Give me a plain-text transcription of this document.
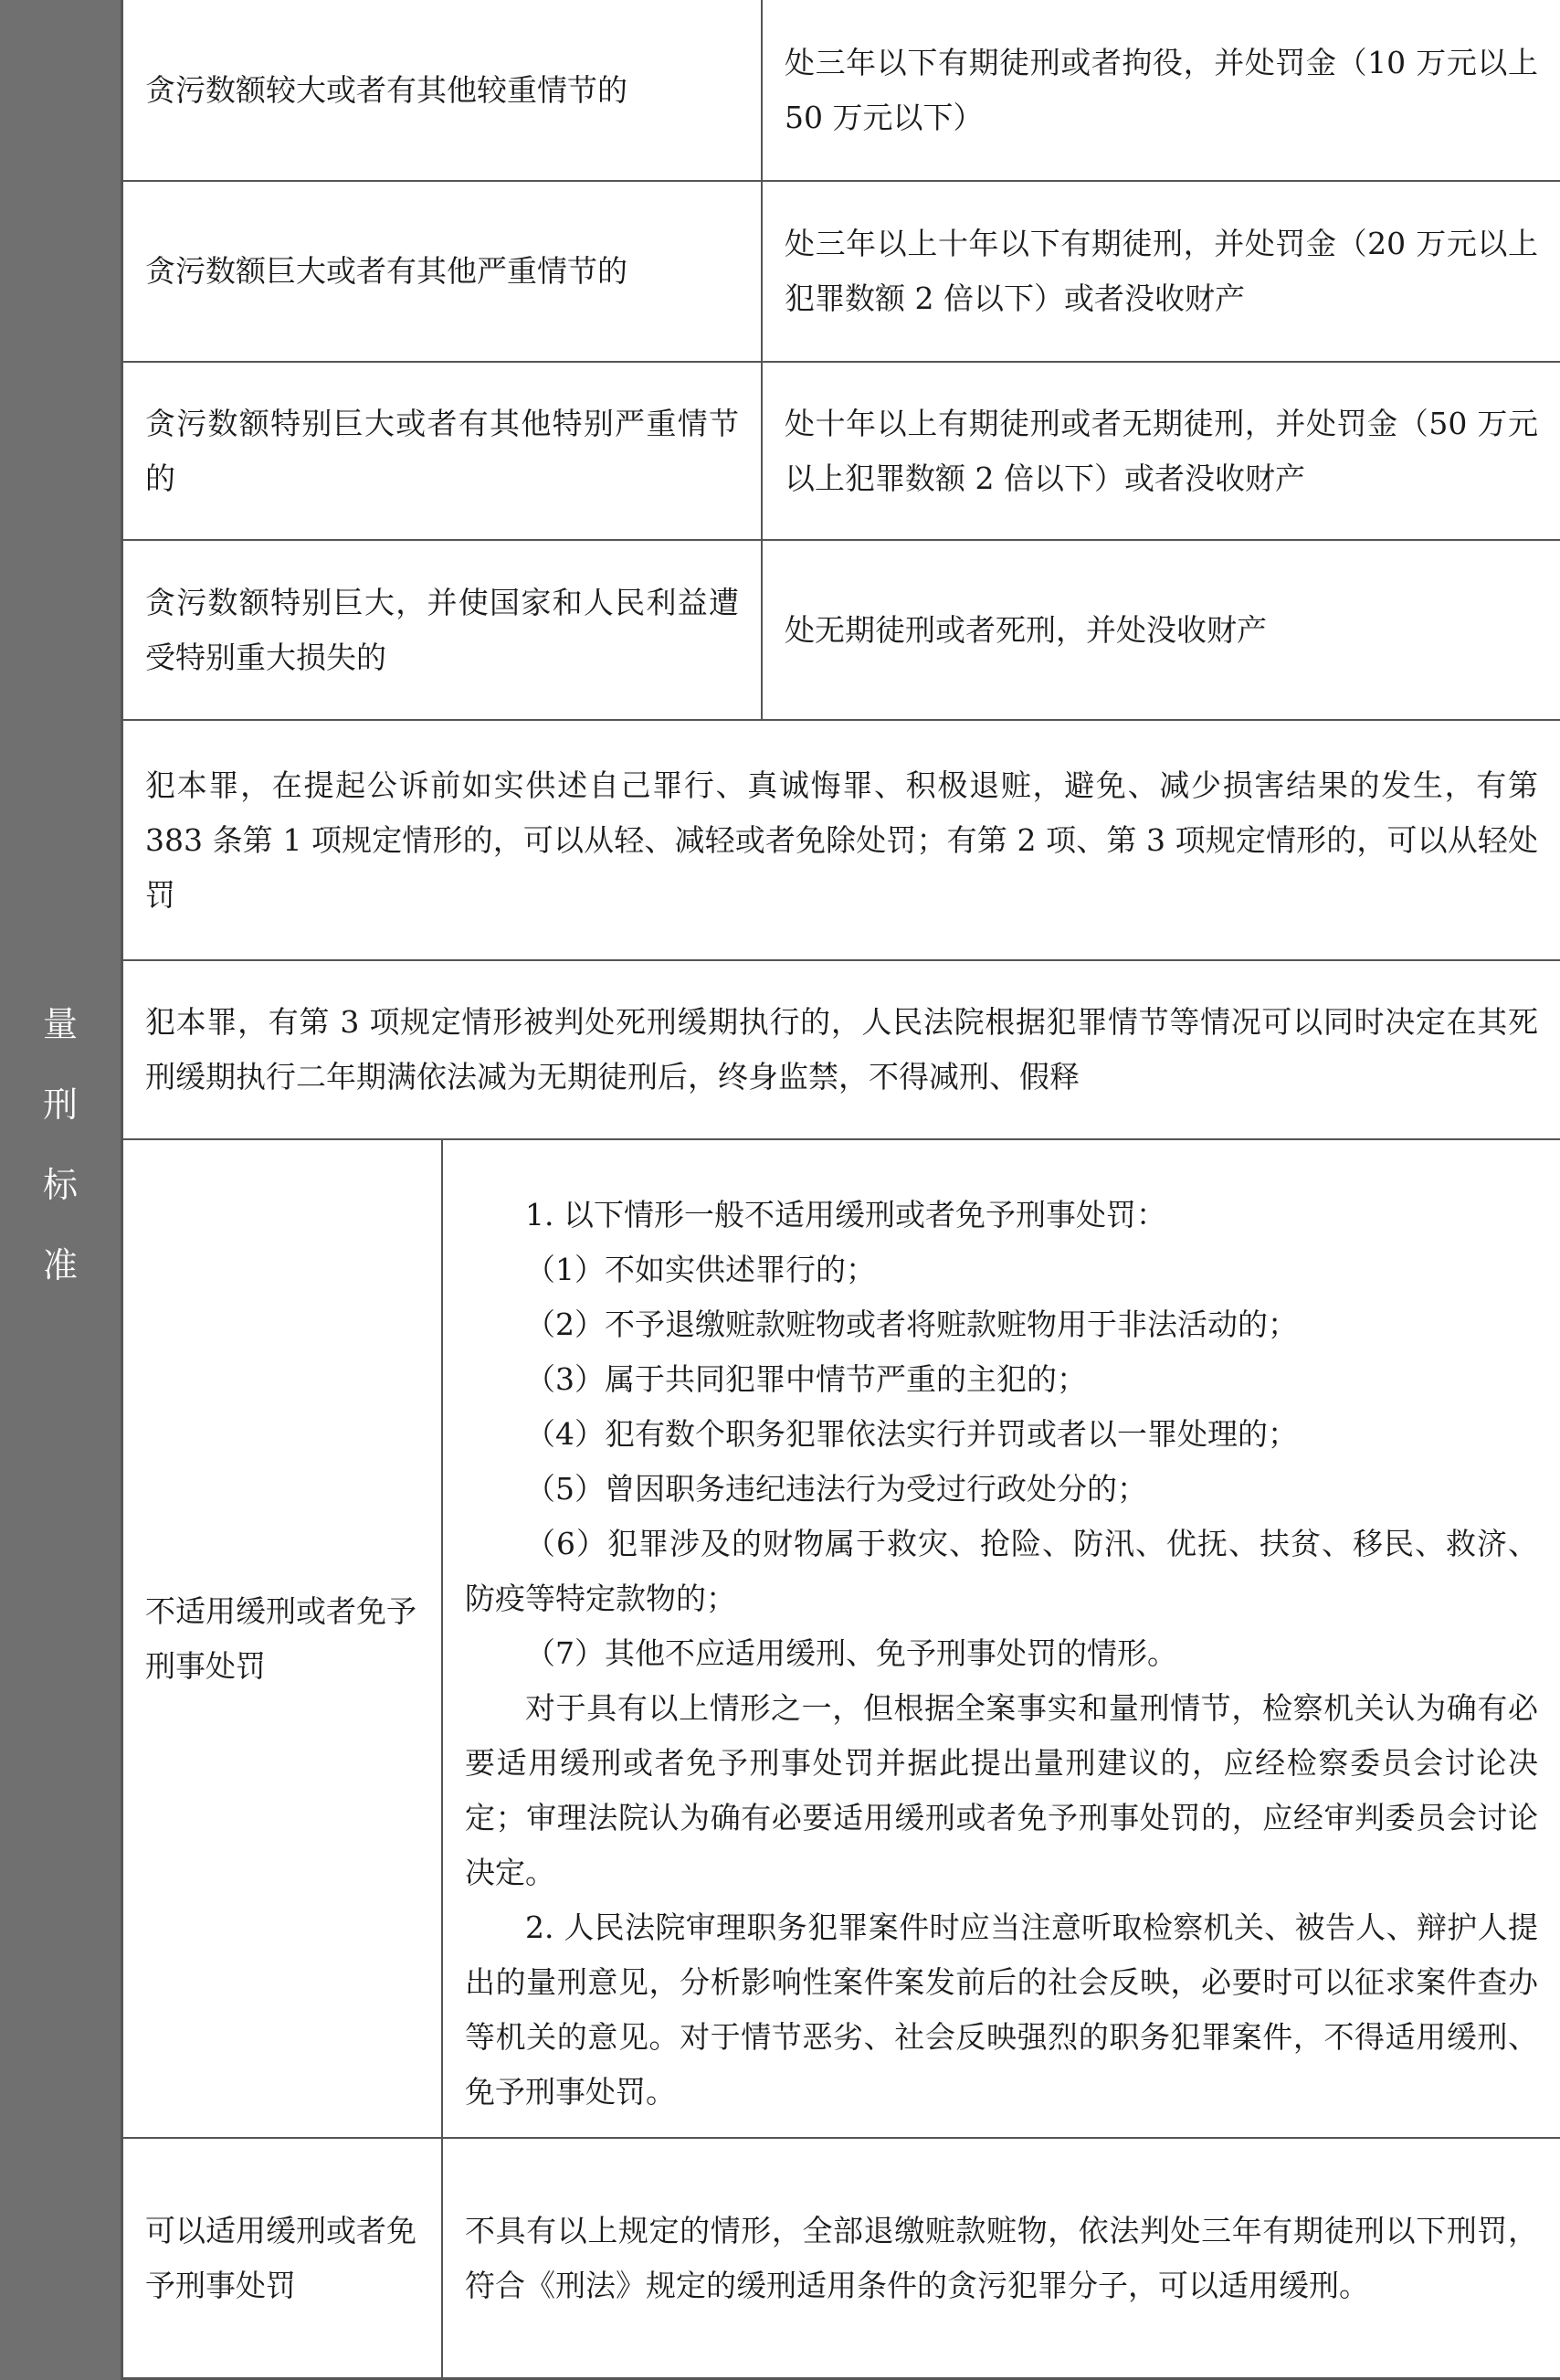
量
刑
标
准
贪污数额较大或者有其他较重情节的
处三年以下有期徒刑或者拘役，并处罚金（10 万元以上 50 万元以下）
贪污数额巨大或者有其他严重情节的
处三年以上十年以下有期徒刑，并处罚金（20 万元以上犯罪数额 2 倍以下）或者没收财产
贪污数额特别巨大或者有其他特别严重情节的
处十年以上有期徒刑或者无期徒刑，并处罚金（50 万元以上犯罪数额 2 倍以下）或者没收财产
贪污数额特别巨大，并使国家和人民利益遭受特别重大损失的
处无期徒刑或者死刑，并处没收财产
犯本罪，在提起公诉前如实供述自己罪行、真诚悔罪、积极退赃，避免、减少损害结果的发生，有第 383 条第 1 项规定情形的，可以从轻、减轻或者免除处罚；有第 2 项、第 3 项规定情形的，可以从轻处罚
犯本罪，有第 3 项规定情形被判处死刑缓期执行的，人民法院根据犯罪情节等情况可以同时决定在其死刑缓期执行二年期满依法减为无期徒刑后，终身监禁，不得减刑、假释
不适用缓刑或者免予刑事处罚

1. 以下情形一般不适用缓刑或者免予刑事处罚：

（1）不如实供述罪行的；

（2）不予退缴赃款赃物或者将赃款赃物用于非法活动的；

（3）属于共同犯罪中情节严重的主犯的；

（4）犯有数个职务犯罪依法实行并罚或者以一罪处理的；

（5）曾因职务违纪违法行为受过行政处分的；

（6）犯罪涉及的财物属于救灾、抢险、防汛、优抚、扶贫、移民、救济、防疫等特定款物的；

（7）其他不应适用缓刑、免予刑事处罚的情形。

对于具有以上情形之一，但根据全案事实和量刑情节，检察机关认为确有必要适用缓刑或者免予刑事处罚并据此提出量刑建议的，应经检察委员会讨论决定；审理法院认为确有必要适用缓刑或者免予刑事处罚的，应经审判委员会讨论决定。

2. 人民法院审理职务犯罪案件时应当注意听取检察机关、被告人、辩护人提出的量刑意见，分析影响性案件案发前后的社会反映，必要时可以征求案件查办等机关的意见。对于情节恶劣、社会反映强烈的职务犯罪案件，不得适用缓刑、免予刑事处罚。

可以适用缓刑或者免予刑事处罚
不具有以上规定的情形，全部退缴赃款赃物，依法判处三年有期徒刑以下刑罚，符合《刑法》规定的缓刑适用条件的贪污犯罪分子，可以适用缓刑。
